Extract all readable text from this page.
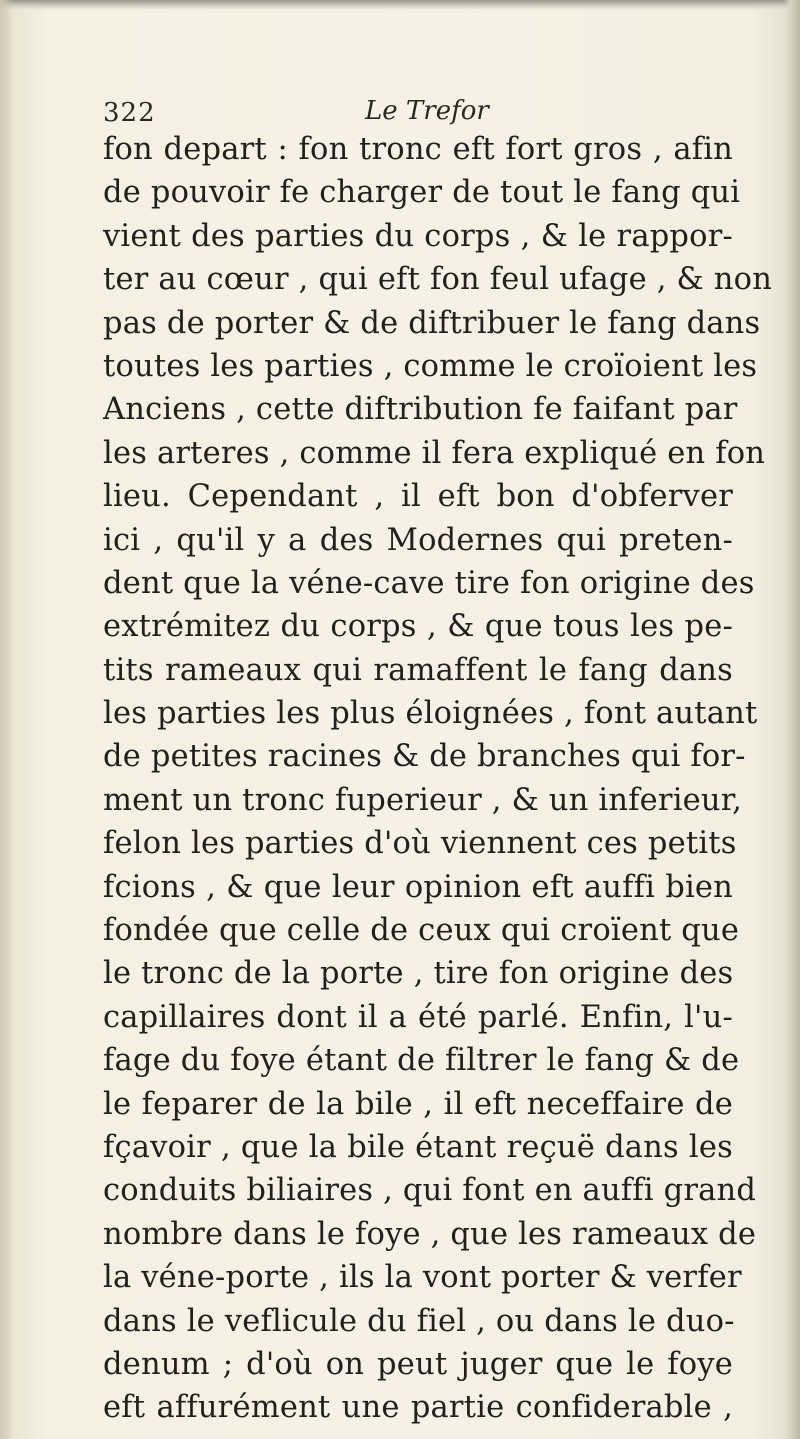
322	Le Trefor
fon depart : fon tronc eft fort gros , afin
de pouvoir fe charger de tout le fang qui
vient des parties du corps , & le rappor-
ter au cœur , qui eft fon feul ufage , & non
pas de porter & de diftribuer le fang dans
toutes les parties , comme le croïoient les
Anciens , cette diftribution fe faifant par
les arteres , comme il fera expliqué en fon
lieu. Cependant , il eft bon d'obferver
ici , qu'il y a des Modernes qui preten-
dent que la véne-cave tire fon origine des
extrémitez du corps , & que tous les pe-
tits rameaux qui ramaffent le fang dans
les parties les plus éloignées , font autant
de petites racines & de branches qui for-
ment un tronc fuperieur , & un inferieur,
felon les parties d'où viennent ces petits
fcions , & que leur opinion eft auffi bien
fondée que celle de ceux qui croïent que
le tronc de la porte , tire fon origine des
capillaires dont il a été parlé. Enfin, l'u-
fage du foye étant de filtrer le fang & de
le feparer de la bile , il eft neceffaire de
fçavoir , que la bile étant reçuë dans les
conduits biliaires , qui font en auffi grand
nombre dans le foye , que les rameaux de
la véne-porte , ils la vont porter & verfer
dans le veflicule du fiel , ou dans le duo-
denum ; d'où on peut juger que le foye
eft affurément une partie confiderable ,
